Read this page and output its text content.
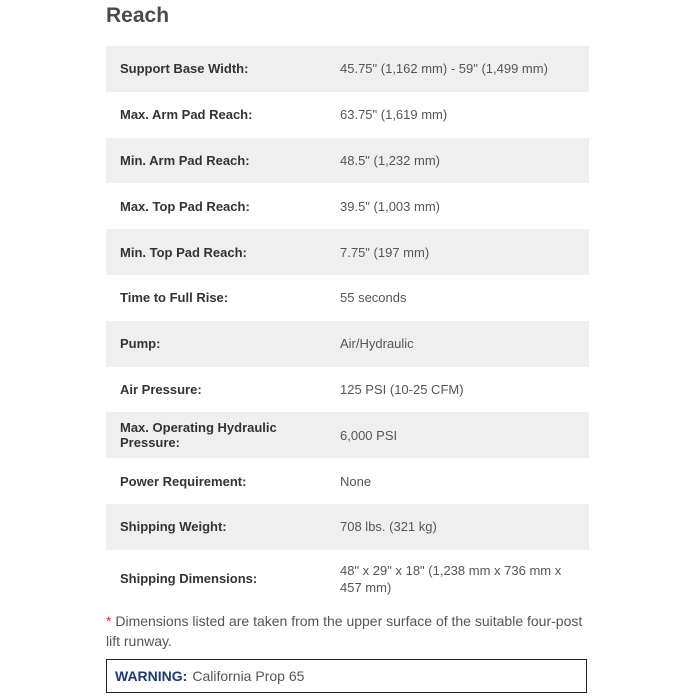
Reach
Support Base Width:	45.75" (1,162 mm) - 59" (1,499 mm)
Max. Arm Pad Reach:	63.75" (1,619 mm)
Min. Arm Pad Reach:	48.5" (1,232 mm)
Max. Top Pad Reach:	39.5" (1,003 mm)
Min. Top Pad Reach:	7.75" (197 mm)
Time to Full Rise:	55 seconds
Pump:	Air/Hydraulic
Air Pressure:	125 PSI (10-25 CFM)
Max. Operating Hydraulic Pressure:	6,000 PSI
Power Requirement:	None
Shipping Weight:	708 lbs. (321 kg)
Shipping Dimensions:
48" x 29" x 18" (1,238 mm x 736 mm x 457 mm)
* Dimensions listed are taken from the upper surface of the suitable four-post lift runway.
WARNING: California Prop 65
